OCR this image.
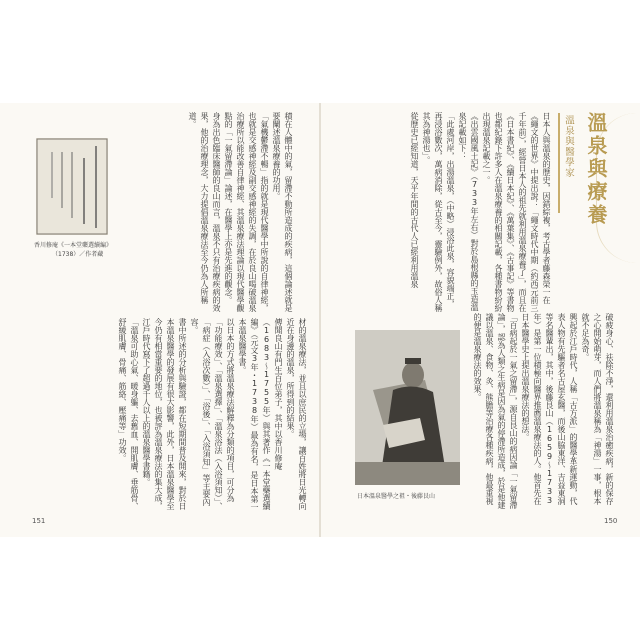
溫泉與療養
溫泉與醫學家
日本人與溫泉的歷史，因錯綜複，考古學者藤森榮一在《繩文的世界》中提出說：「繩文時代中期（約西元前三千年前），經營日本人的祖先就利用溫泉療養了」，而且在《日本書紀》、《續日本紀》、《萬葉集》、《古事記》等書物也都紀錄下許多人在溫泉療養的相關記載，各種書物紛紛出現溫泉記載之一。
《出雲國風土記》（733年左右）對於島根縣的玉造溫泉記載如下：
「此處河岸，出湯溫泉，（中略）浸浴此泉，容貌端正，再浸浴數次，萬病消除，從古至今，靈驗例外，故俗人稱其為神湯也」。
從歷史已經知道，天平年間的古代人已經利用溫泉
破疲身心、祛除不淨，還利用溫泉治癒疾病，新的保存之心開始萌芽，而人們將溫泉稱為「神湯」一事，根本就不足為奇。
興起於江戶時代，人稱「古方派」的醫學革新運動，代表人物有先驅者名古屋玄醫，而後山脇東洋、吉益東洞等名醫輩出，其中，後藤艮山（1659～1733年）是第一位積極向醫界推薦溫泉療法的人。他首先在日本醫學史上提出溫泉療法的想法。
「百病起於一氣之留滯」，源自艮山的病因論「一氣留滯論」，認為人類之生病是因為氣的停滯所造成，於是他建議以溫泉、食物、灸、熊膽等治療各種疾病，他最重視的便是溫泉療法的效果。
日本溫泉醫學之祖・後藤艮山
150
香川修庵《一本堂藥選續編》
（1738）／作者藏	積在人體中的氣，留滯不動所造成的疾病，這個論述就是要闡述溫泉療養的功用。
「氣機鬱滯不暢」指的就是現代醫學中所說的自律神經，也就是交感神經及副交感神經的失調，在於良山喝破溫泉治療所以能改善自律神經、其溫泉療法理論以現代醫學觀點的「一氣留滯論」論述，在醫學上亦是先進的觀念。
身為出色臨床醫師的良山而言，溫泉不只有治療疾病的效果，他的治療理念，大力提倡溫泉療法至今仍為人所稱道。
材的溫泉療法，並且以庶民的立場，讓百姓將日光轉向近在身邊的溫泉，所得到的結果。
傳聞良山有門生百位弟子，其中以香川修庵（1683～1755年）與其著作《一本堂藥選續編》（元文3年・1738年）最為有名，是日本第一本溫泉醫學書。
以日本的方式將溫泉療法解釋為分類的項目，可分為「功能療效」、「溫泉選擇」、「溫泉浴法（入浴須知）」、「病症（入浴次數）」、「浴後」、「入浴須知」等主要內容。
書中所述的分析與驗證，都在短期間普及開來，對於日本溫泉醫學的發展有很大影響，此外，日本溫泉醫學至今仍有相當重要的地位，也被評為溫泉療法的集大成，江戶時代寫下了超過千人以上的溫泉醫學書籍。
「溫泉可助心氣、暖身軀、去舊血、開肌膚、垂筋骨、舒緩肌膚、骨痛、筋絡、壓痛等」功效。
151
